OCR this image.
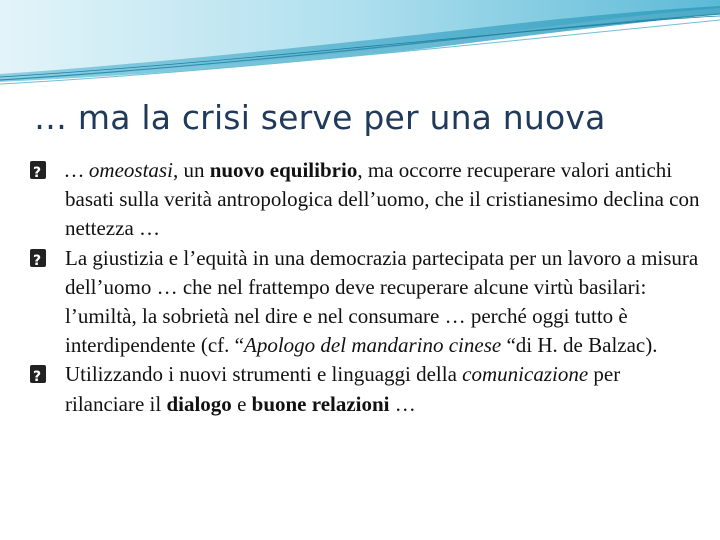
… ma la crisi serve per una nuova
?
… omeostasi, un nuovo equilibrio, ma occorre recuperare valori antichi basati sulla verità antropologica dell’uomo, che il cristianesimo declina con nettezza …
?
La giustizia e l’equità in una democrazia partecipata per un lavoro a misura dell’uomo … che nel frattempo deve recuperare alcune virtù basilari: l’umiltà, la sobrietà nel dire e nel consumare … perché oggi tutto è interdipendente (cf. “Apologo del mandarino cinese “di H. de Balzac).
?
Utilizzando i nuovi strumenti e linguaggi della comunicazione per rilanciare il dialogo e buone relazioni …
